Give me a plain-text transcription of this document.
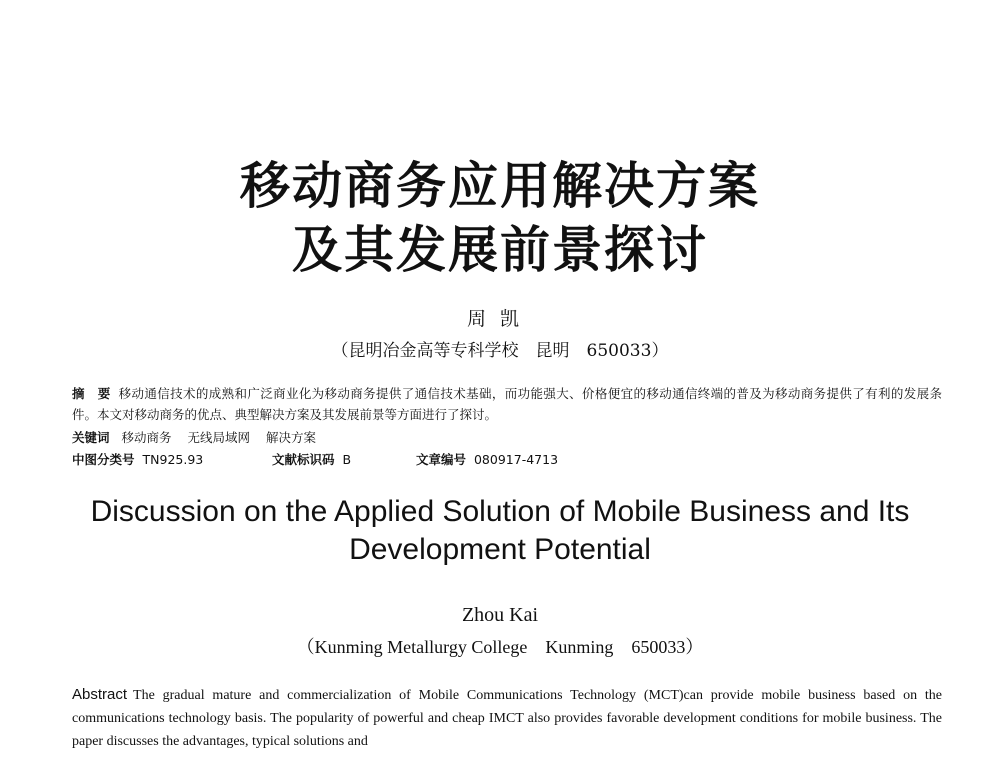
移动商务应用解决方案
及其发展前景探讨
周凯
（昆明冶金高等专科学校　昆明　650033）
摘　要 移动通信技术的成熟和广泛商业化为移动商务提供了通信技术基础，而功能强大、价格便宜的移动通信终端的普及为移动商务提供了有利的发展条件。本文对移动商务的优点、典型解决方案及其发展前景等方面进行了探讨。
关键词 移动商务 无线局域网 解决方案
中图分类号 TN925.93	文献标识码 B	文章编号 080917-4713
Discussion on the Applied Solution of Mobile Business and Its
Development Potential
Zhou Kai
（Kunming Metallurgy College　Kunming　650033）
Abstract The gradual mature and commercialization of Mobile Communications Technology (MCT)can provide mobile business based on the communications technology basis. The popularity of powerful and cheap IMCT also provides favorable development conditions for mobile business. The paper discusses the advantages, typical solutions and
